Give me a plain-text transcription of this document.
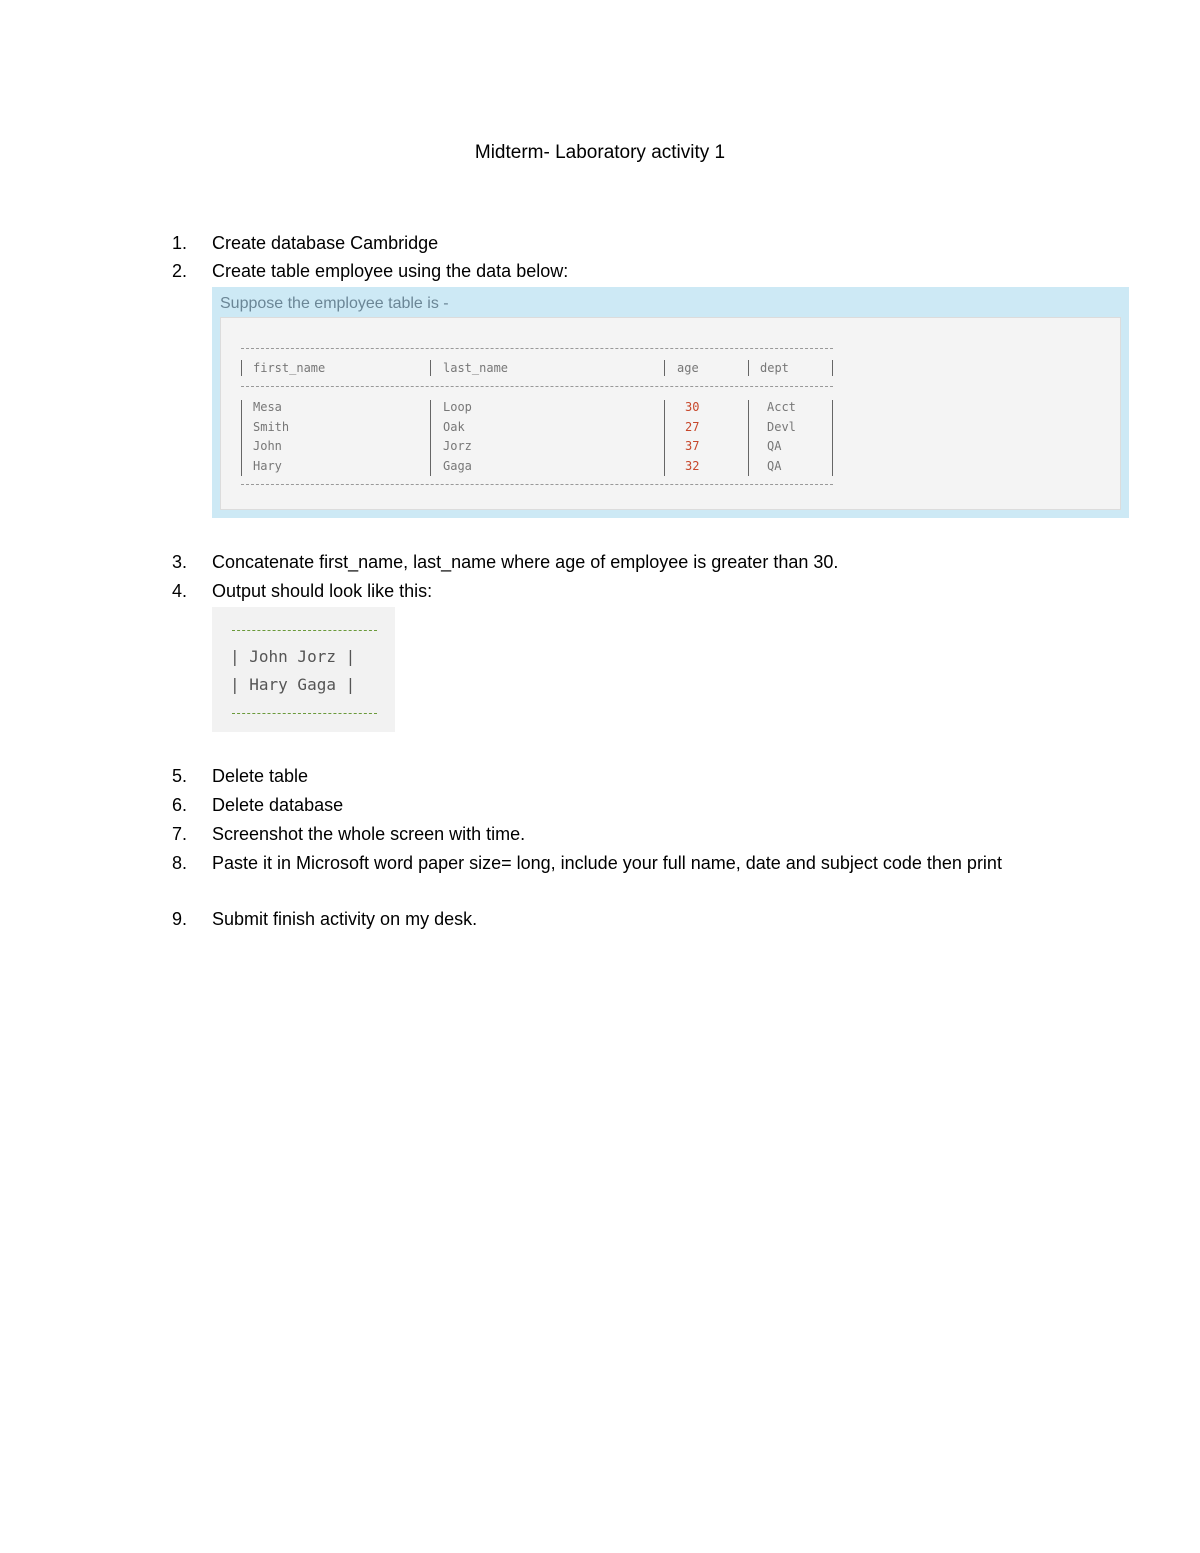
Midterm- Laboratory activity 1
1. Create database Cambridge
2. Create table employee using the data below:
Suppose the employee table is -
first_name	last_name	age	dept
Mesa	Loop	30	Acct
Smith	Oak	27	Devl
John	Jorz	37	QA
Hary	Gaga	32	QA
3. Concatenate first_name, last_name where age of employee is greater than 30.
4. Output should look like this:
| John Jorz |
| Hary Gaga |
5. Delete table
6. Delete database
7. Screenshot the whole screen with time.
8. Paste it in Microsoft word paper size= long, include your full name, date and subject code then print
9. Submit finish activity on my desk.
